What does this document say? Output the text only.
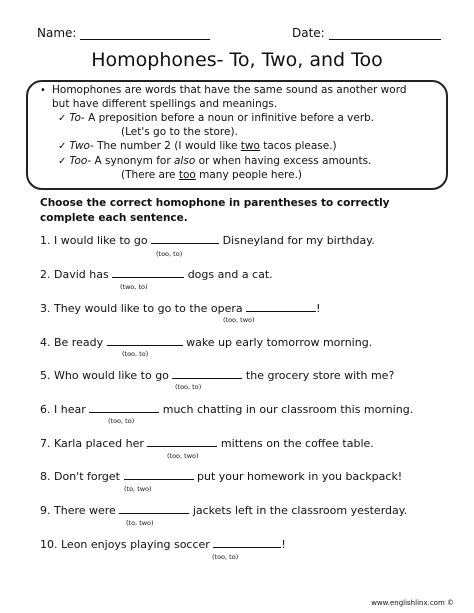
Name:	Date:
Homophones- To, Two, and Too
• Homophones are words that have the same sound as another word
but have different spellings and meanings.
✓ To- A preposition before a noun or infinitive before a verb.
(Let's go to the store).
✓ Two- The number 2 (I would like two tacos please.)
✓ Too- A synonym for also or when having excess amounts.
(There are too many people here.)
Choose the correct homophone in parentheses to correctly complete each sentence.
1. I would like to go	Disneyland for my birthday.
(too, to)
2. David has	dogs and a cat.
(two, to)
3. They would like to go to the opera	!
(too, two)
4. Be ready	wake up early tomorrow morning.
(too, to)
5. Who would like to go	the grocery store with me?
(too, to)
6. I hear	much chatting in our classroom this morning.
(too, to)
7. Karla placed her	mittens on the coffee table.
(too, two)
8. Don't forget	put your homework in you backpack!
(to, two)
9. There were	jackets left in the classroom yesterday.
(to, two)
10. Leon enjoys playing soccer	!
(too, to)
www.englishlinx.com ©
